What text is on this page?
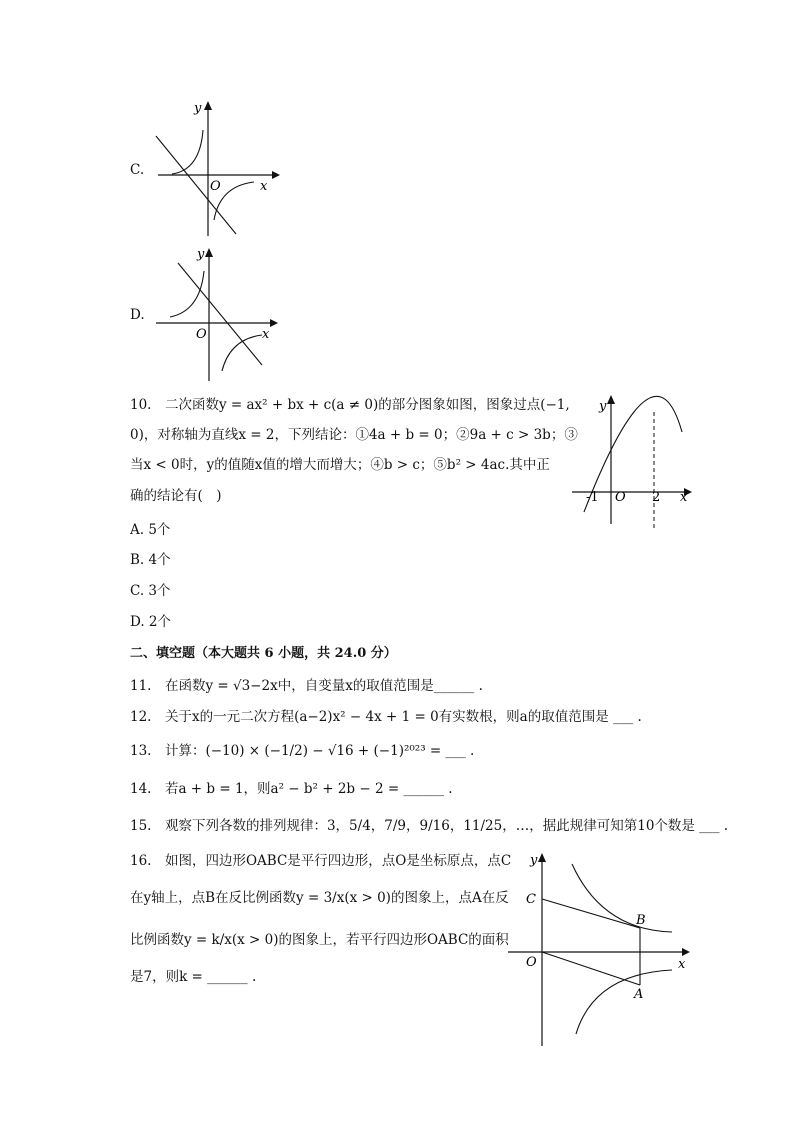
C.
y
x
O
D.
y
x
O
10.　二次函数y = ax² + bx + c(a ≠ 0)的部分图象如图，图象过点(−1,
0)，对称轴为直线x = 2，下列结论：①4a + b = 0；②9a + c > 3b；③
当x < 0时，y的值随x值的增大而增大；④b > c；⑤b² > 4ac.其中正
确的结论有(　)
A. 5个
B. 4个
C. 3个
D. 2个
y
x
O
-1	2
二、填空题（本大题共 6 小题，共 24.0 分）
11.　在函数y = √3−2x中，自变量x的取值范围是______ .
12.　关于x的一元二次方程(a−2)x² − 4x + 1 = 0有实数根，则a的取值范围是 ___ .
13.　计算：(−10) × (−1/2) − √16 + (−1)²⁰²³ = ___ .
14.　若a + b = 1，则a² − b² + 2b − 2 = ______ .
15.　观察下列各数的排列规律：3，5/4，7/9，9/16，11/25，…，据此规律可知第10个数是 ___ .
16.　如图，四边形OABC是平行四边形，点O是坐标原点，点C
在y轴上，点B在反比例函数y = 3/x(x > 0)的图象上，点A在反
比例函数y = k/x(x > 0)的图象上，若平行四边形OABC的面积
是7，则k = ______ .
y
x
O
C
B
A
